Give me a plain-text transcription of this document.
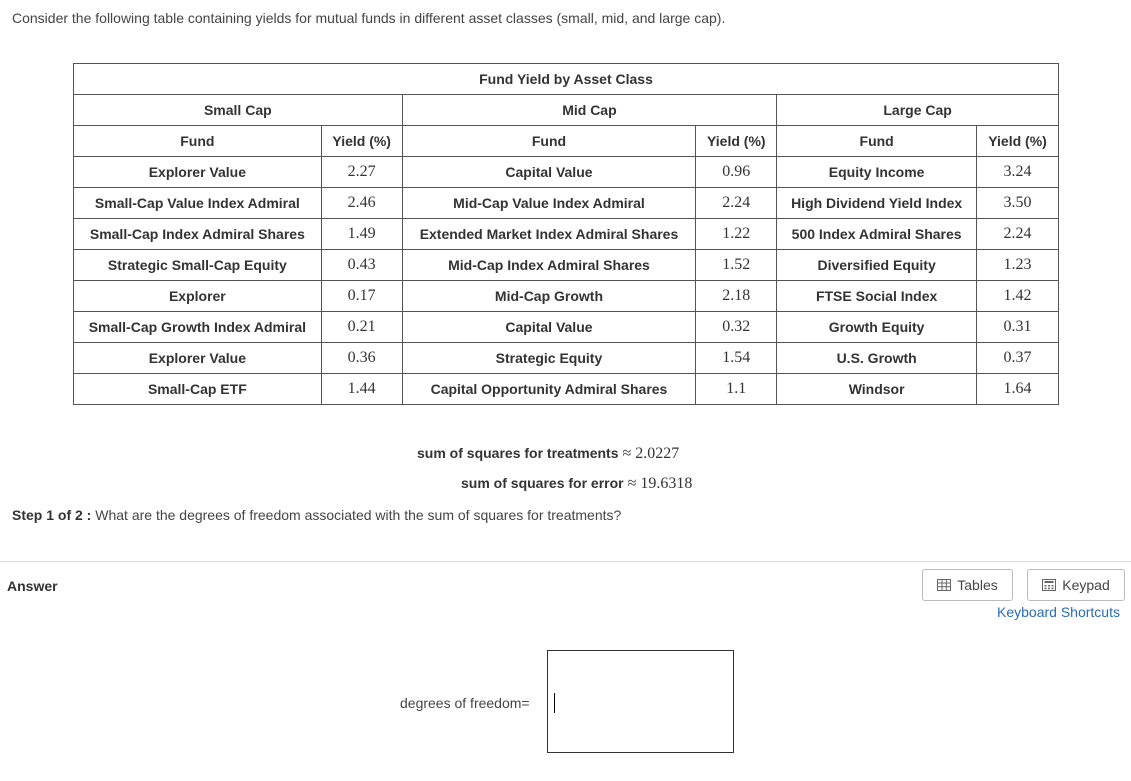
Consider the following table containing yields for mutual funds in different asset classes (small, mid, and large cap).
Fund Yield by Asset Class					
Small Cap		Mid Cap		Large Cap	
Fund	Yield (%)	Fund	Yield (%)	Fund	Yield (%)
Explorer Value	2.27	Capital Value	0.96	Equity Income	3.24
Small-Cap Value Index Admiral	2.46	Mid-Cap Value Index Admiral	2.24	High Dividend Yield Index	3.50
Small-Cap Index Admiral Shares	1.49	Extended Market Index Admiral Shares	1.22	500 Index Admiral Shares	2.24
Strategic Small-Cap Equity	0.43	Mid-Cap Index Admiral Shares	1.52	Diversified Equity	1.23
Explorer	0.17	Mid-Cap Growth	2.18	FTSE Social Index	1.42
Small-Cap Growth Index Admiral	0.21	Capital Value	0.32	Growth Equity	0.31
Explorer Value	0.36	Strategic Equity	1.54	U.S. Growth	0.37
Small-Cap ETF	1.44	Capital Opportunity Admiral Shares	1.1	Windsor	1.64
sum of squares for treatments ≈ 2.0227
sum of squares for error ≈ 19.6318
Step 1 of 2 : What are the degrees of freedom associated with the sum of squares for treatments?
Answer	Tables	Keypad
Keyboard Shortcuts
degrees of freedom=
